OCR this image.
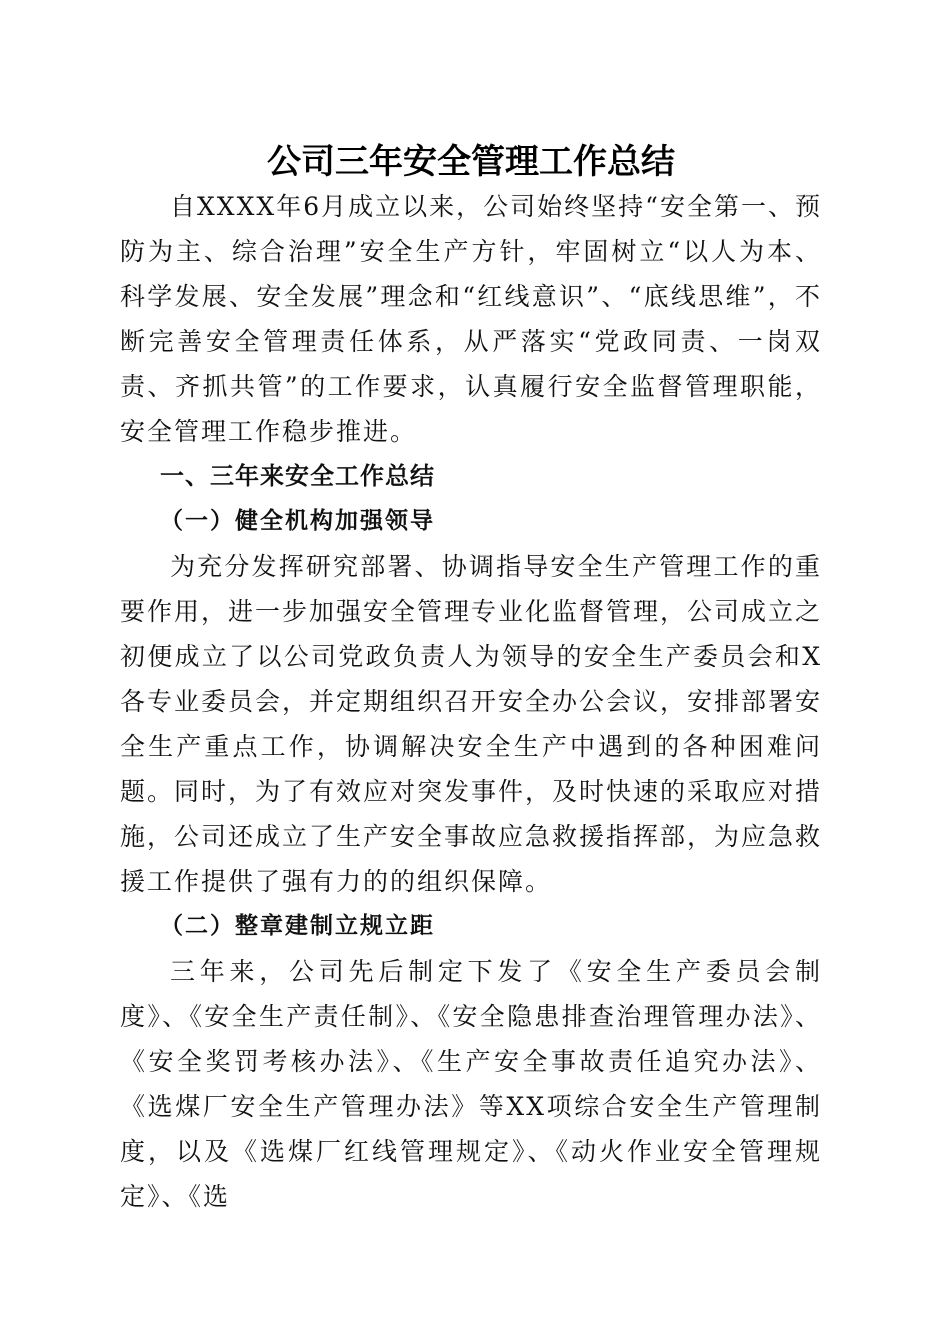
公司三年安全管理工作总结

自XXXX年6月成立以来，公司始终坚持“安全第一、预防为主、综合治理”安全生产方针，牢固树立“以人为本、科学发展、安全发展”理念和“红线意识”、“底线思维”，不断完善安全管理责任体系，从严落实“党政同责、一岗双责、齐抓共管”的工作要求，认真履行安全监督管理职能，安全管理工作稳步推进。

一、三年来安全工作总结
（一）健全机构加强领导

为充分发挥研究部署、协调指导安全生产管理工作的重要作用，进一步加强安全管理专业化监督管理，公司成立之初便成立了以公司党政负责人为领导的安全生产委员会和X各专业委员会，并定期组织召开安全办公会议，安排部署安全生产重点工作，协调解决安全生产中遇到的各种困难问题。同时，为了有效应对突发事件，及时快速的采取应对措施，公司还成立了生产安全事故应急救援指挥部，为应急救援工作提供了强有力的的组织保障。

（二）整章建制立规立距

三年来，公司先后制定下发了《安全生产委员会制度》、《安全生产责任制》、《安全隐患排查治理管理办法》、《安全奖罚考核办法》、《生产安全事故责任追究办法》、《选煤厂安全生产管理办法》等XX项综合安全生产管理制度，以及《选煤厂红线管理规定》、《动火作业安全管理规定》、《选
